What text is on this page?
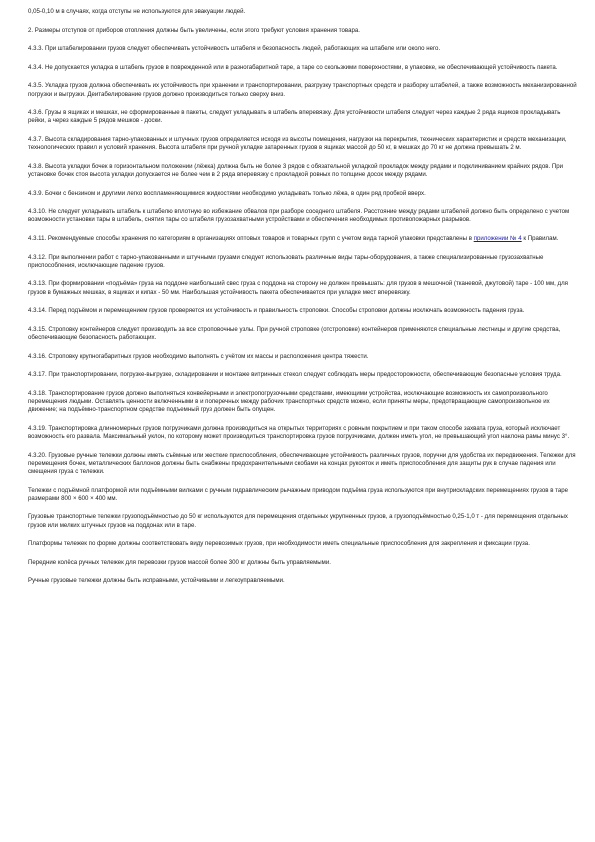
0,05-0,10 м в случаях, когда отступы не используются для эвакуации людей.

2. Размеры отступов от приборов отопления должны быть увеличены, если этого требуют условия хранения товара.

4.3.3. При штабелировании грузов следует обеспечивать устойчивость штабеля и безопасность людей, работающих на штабеле или около него.

4.3.4. Не допускается укладка в штабель грузов в поврежденной или в разногабаритной таре, а таре со скользкими поверхностями, в упаковке, не обеспечивающей устойчивость пакета.

4.3.5. Укладка грузов должна обеспечивать их устойчивость при хранении и транспортировании, разгрузку транспортных средств и разборку штабелей, а также возможность механизированной погрузки и выгрузки. Деитабелирование грузов должно производиться только сверху вниз.

4.3.6. Грузы в ящиках и мешках, не сформированные в пакеты, следует укладывать в штабель вперевязку. Для устойчивости штабеля следует через каждые 2 ряда ящиков прокладывать рейки, а через каждые 5 рядов мешков - доски.

4.3.7. Высота складирования тарно-упакованных и штучных грузов определяется исходя из высоты помещения, нагрузки на перекрытия, технических характеристик и средств механизации, технологических правил и условий хранения. Высота штабеля при ручной укладке затаренных грузов в ящиках массой до 50 кг, в мешках до 70 кг не должна превышать 2 м.

4.3.8. Высота укладки бочек в горизонтальном положении (лёжка) должна быть не более 3 рядов с обязательной укладкой прокладок между рядами и подклиниванием крайних рядов. При установке бочек стоя высота укладки допускается не более чем в 2 ряда вперевязку с прокладкой ровных по толщине досок между рядами.

4.3.9. Бочки с бензином и другими легко воспламеняющимися жидкостями необходимо укладывать только лёжа, в один ряд пробкой вверх.

4.3.10. Не следует укладывать штабель к штабелю вплотную во избежание обвалов при разборе соседнего штабеля. Расстояние между рядами штабелей должно быть определено с учетом возможности установки тары в штабель, снятия тары со штабеля грузозахватными устройствами и обеспечения необходимых противопожарных разрывов.

4.3.11. Рекомендуемые способы хранения по категориям в организациях оптовых товаров и товарных групп с учетом вида тарной упаковки представлены в приложении № 4 к Правилам.

4.3.12. При выполнении работ с тарно-упакованными и штучными грузами следует использовать различные виды тары-оборудования, а также специализированные грузозахватные приспособления, исключающие падение грузов.

4.3.13. При формировании «подъёма» груза на поддоне наибольший свес груза с поддона на сторону не должен превышать: для грузов в мешочной (тканевой, джутовой) таре - 100 мм, для грузов в бумажных мешках, в ящиках и кипах - 50 мм. Наибольшая устойчивость пакета обеспечивается при укладке мест вперевязку.

4.3.14. Перед подъёмом и перемещением грузов проверяется их устойчивость и правильность строповки. Способы строповки должны исключать возможность падения груза.

4.3.15. Строповку контейнеров следует производить за все строповочные узлы. При ручной строповке (отстроповке) контейнеров применяются специальные лестницы и другие средства, обеспечивающие безопасность работающих.

4.3.16. Строповку крупногабаритных грузов необходимо выполнять с учётом их массы и расположения центра тяжести.

4.3.17. При транспортировании, погрузке-выгрузке, складировании и монтаже витринных стекол следует соблюдать меры предосторожности, обеспечивающие безопасные условия труда.

4.3.18. Транспортирование грузов должно выполняться конвейерными и электропогрузочными средствами, имеющими устройства, исключающие возможность их самопроизвольного перемещения людьми. Оставлять ценности включенными в и поперечных между рабочих транспортных средств можно, если приняты меры, предотвращающие самопроизвольное их движение; на подъёмно-транспортном средстве подъемный груз должен быть опущен.

4.3.19. Транспортировка длинномерных грузов погрузчиками должна производиться на открытых территориях с ровным покрытием и при таком способе захвата груза, который исключает возможность его развала. Максимальный уклон, по которому может производиться транспортировка грузов погрузчиками, должен иметь угол, не превышающий угол наклона рамы минус 3°.

4.3.20. Грузовые ручные тележки должны иметь съёмные или жесткие приспособления, обеспечивающие устойчивость различных грузов, поручни для удобства их передвижения. Тележки для перемещения бочек, металлических баллонов должны быть снабжены предохранительными скобами на концах рукояток и иметь приспособления для защиты рук в случае падения или смещения груза с тележки.

Тележки с подъёмной платформой или подъёмными вилками с ручным гидравлическим рычажным приводом подъёма груза используются при внутрискладских перемещениях грузов в таре размерами 800 × 600 × 400 мм.

Грузовые транспортные тележки грузоподъёмностью до 50 кг используются для перемещения отдельных укрупненных грузов, а грузоподъёмностью 0,25-1,0 т - для перемещения отдельных грузов или мелких штучных грузов на поддонах или в таре.

Платформы тележек по форме должны соответствовать виду перевозимых грузов, при необходимости иметь специальные приспособления для закрепления и фиксации груза.

Передние колёса ручных тележек для перевозки грузов массой более 300 кг должны быть управляемыми.

Ручные грузовые тележки должны быть исправными, устойчивыми и легкоуправляемыми.
